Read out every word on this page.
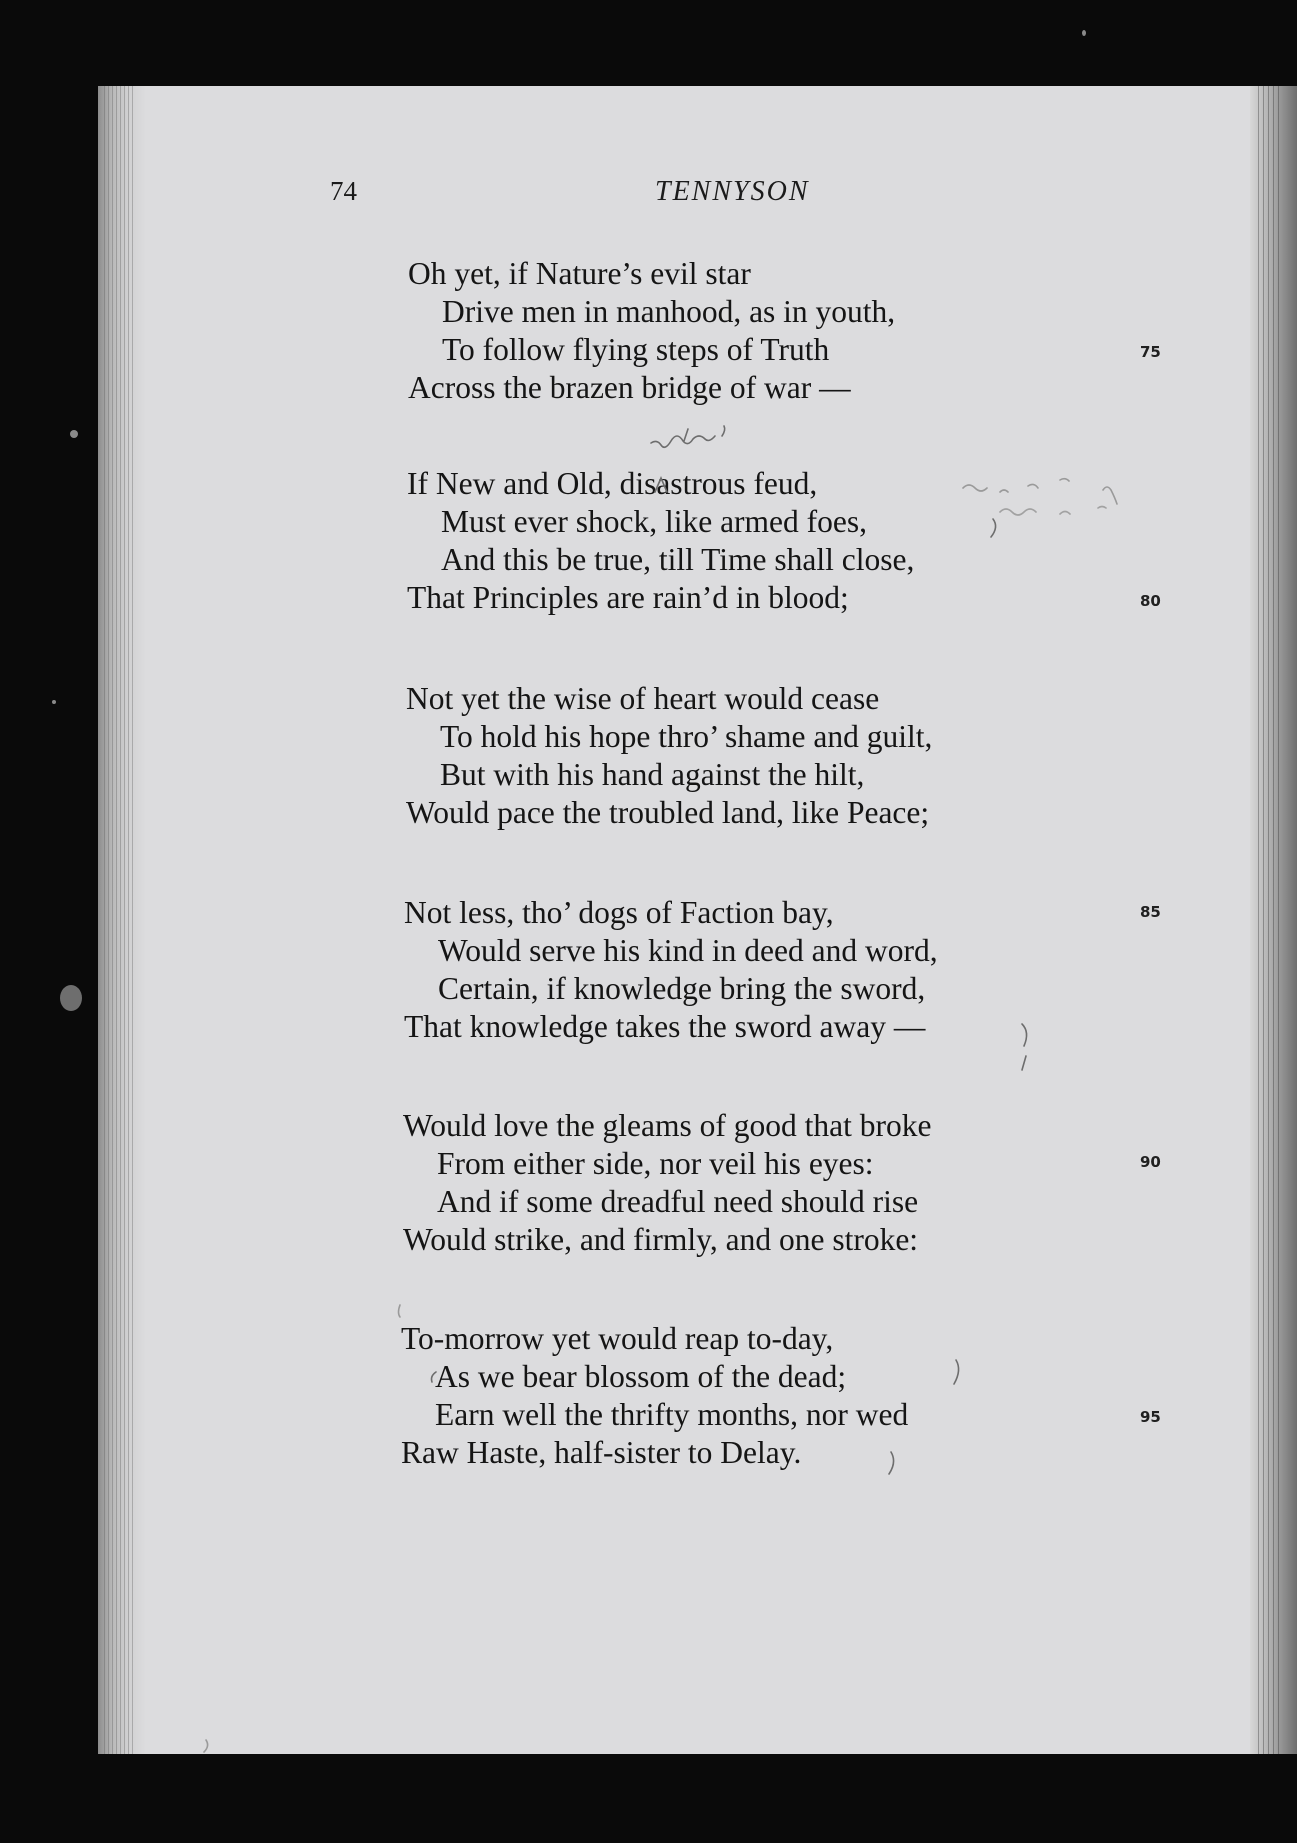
74	TENNYSON
Oh yet, if Nature’s evil star
Drive men in manhood, as in youth,
To follow flying steps of Truth
Across the brazen bridge of war —
If New and Old, disastrous feud,
Must ever shock, like armed foes,
And this be true, till Time shall close,
That Principles are rain’d in blood;
Not yet the wise of heart would cease
To hold his hope thro’ shame and guilt,
But with his hand against the hilt,
Would pace the troubled land, like Peace;
Not less, tho’ dogs of Faction bay,
Would serve his kind in deed and word,
Certain, if knowledge bring the sword,
That knowledge takes the sword away —
Would love the gleams of good that broke
From either side, nor veil his eyes:
And if some dreadful need should rise
Would strike, and firmly, and one stroke:
To-morrow yet would reap to-day,
As we bear blossom of the dead;
Earn well the thrifty months, nor wed
Raw Haste, half-sister to Delay.
75
80
85
90
95
